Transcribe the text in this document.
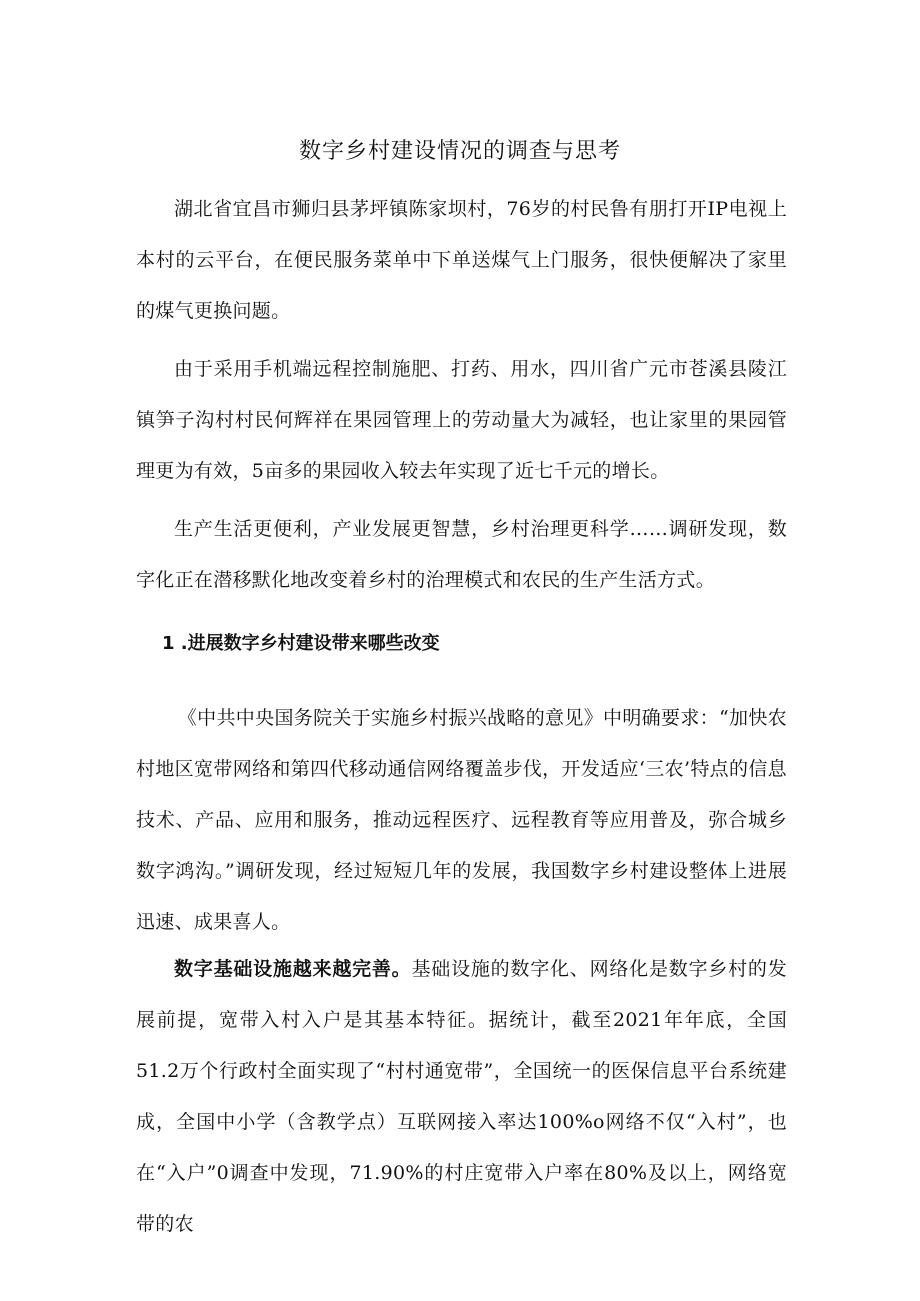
数字乡村建设情况的调查与思考

湖北省宜昌市狮归县茅坪镇陈家坝村，76岁的村民鲁有朋打开IP电视上本村的云平台，在便民服务菜单中下单送煤气上门服务，很快便解决了家里的煤气更换问题。

由于采用手机端远程控制施肥、打药、用水，四川省广元市苍溪县陵江镇笋子沟村村民何辉祥在果园管理上的劳动量大为减轻，也让家里的果园管理更为有效，5亩多的果园收入较去年实现了近七千元的增长。

生产生活更便利，产业发展更智慧，乡村治理更科学……调研发现，数字化正在潜移默化地改变着乡村的治理模式和农民的生产生活方式。

1 .进展数字乡村建设带来哪些改变

《中共中央国务院关于实施乡村振兴战略的意见》中明确要求：“加快农村地区宽带网络和第四代移动通信网络覆盖步伐，开发适应‘三农’特点的信息技术、产品、应用和服务，推动远程医疗、远程教育等应用普及，弥合城乡数字鸿沟。”调研发现，经过短短几年的发展，我国数字乡村建设整体上进展迅速、成果喜人。

数字基础设施越来越完善。基础设施的数字化、网络化是数字乡村的发展前提，宽带入村入户是其基本特征。据统计，截至2021年年底，全国51.2万个行政村全面实现了“村村通宽带”，全国统一的医保信息平台系统建成，全国中小学（含教学点）互联网接入率达100%o网络不仅“入村”，也在“入户”0调查中发现，71.90%的村庄宽带入户率在80%及以上，网络宽带的农
